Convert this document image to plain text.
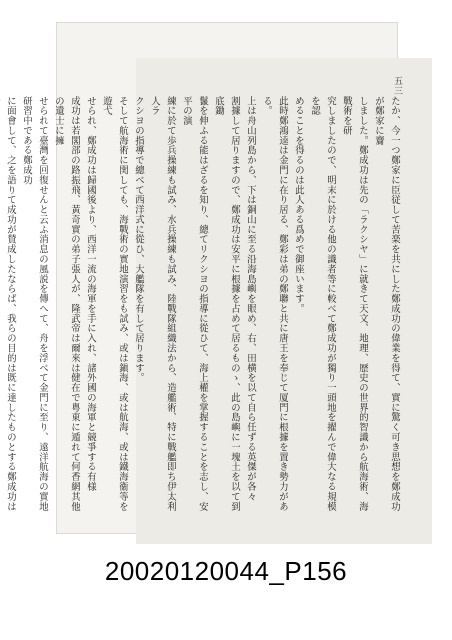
五三
たか、今一つ鄭家に臣従して苦楽を共にした鄭成功の偉業を得て、實に驚く可き思想を鄭成功が鄭家に齎
しました。鄭成功は先の「ラクシヤ」に就きて天文、地理、歴史の世界的智識から航海術、海戰術を研
究しましたので、明末に於ける他の識者等に較べて鄭成功が獨り一頭地を擢んで偉大なる規模を認
めることを得るのは此人ある爲めで御座います。
此時鄭鴻逵は金門に在り居る、鄭彩は弟の鄭聯と共に唐王を奉じて厦門に根據を置き勢力がある。
上は舟山列島から、下は銅山に至る沿海島嶼を眼め、右、田横を以て自ら任ずる英傑が各々
割據して居りますので、鄭成功は安平に根據を占めて居るものゝ、此の島嶼に一塊土を以て到底鋤
鬣を伸ふる能はざるを知り、總てリクシヨの指導に從ひて、海上權を掌握することを志し、安平の演
練に於て歩兵操練も試み、水兵操練も試み、陸戰隊組織法から、造艦術、特に戰艦即ち伊太利人ラ
クシヨの指導で總べて西洋式に從ひ、大艦隊を有して居ります。
そして航海術に関しても、海戰術の實地演習をも試み、或は鎭海、或は航海、或は鐵海衞等を遊弋
せられ、鄭成功は歸國後より、西洋一流の海軍を手に入れ、諸外國の海軍と競爭する有様
成功は若閣部の路振飛、黃奇實の弟子張人が、隆武帝は爾來は健在で粤東に遁れて何香網其他の遺士に擁
せられて臺灣を回復せんと云ふ消息の風説を傳へて、舟を浮べて金門に至り、遠洋航海の實地研習中である鄭成功
に面會して、之を語りて成功が賛成したならば、我らの目的は既に達したものとする鄭成功は
20020120044_P156
